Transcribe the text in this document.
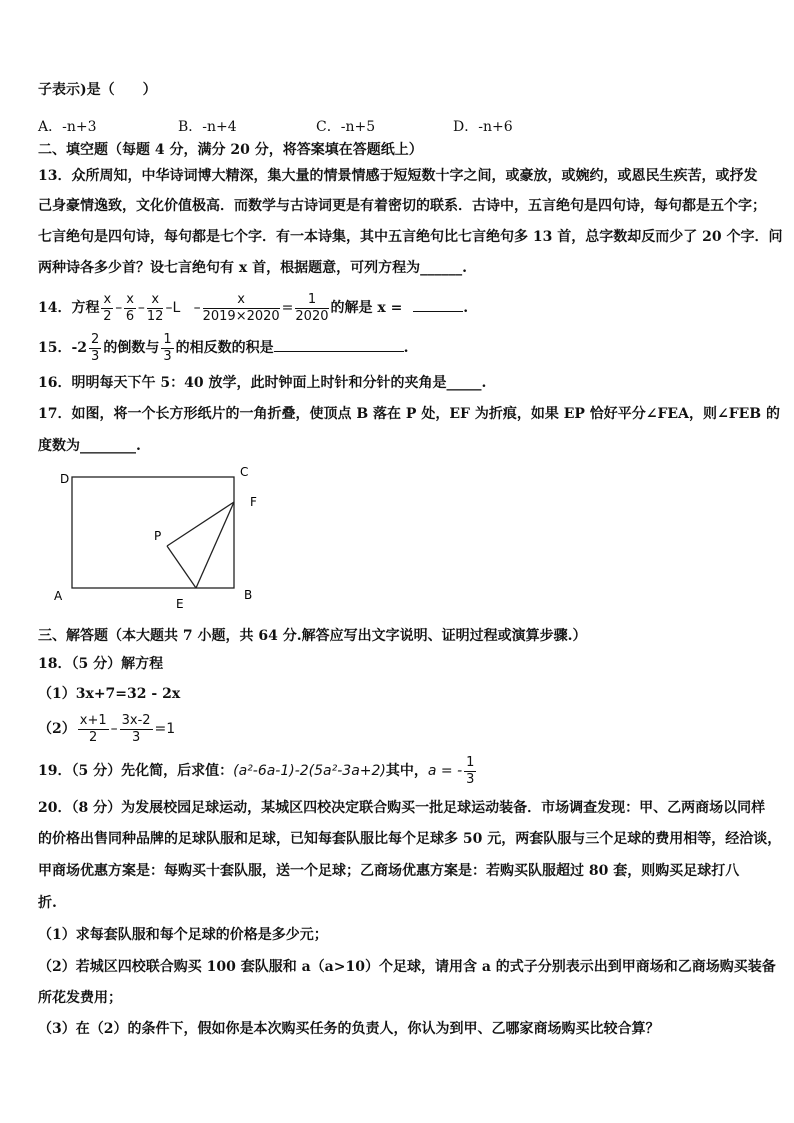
子表示)是（　　）
A．-n+3	B．-n+4	C．-n+5	D．-n+6
二、填空题（每题 4 分，满分 20 分，将答案填在答题纸上）
13．众所周知，中华诗词博大精深，集大量的情景情感于短短数十字之间，或豪放，或婉约，或恩民生疾苦，或抒发
己身豪情逸致，文化价值极高．而数学与古诗词更是有着密切的联系．古诗中，五言绝句是四句诗，每句都是五个字；
七言绝句是四句诗，每句都是七个字．有一本诗集，其中五言绝句比七言绝句多 13 首，总字数却反而少了 20 个字．问
两种诗各多少首？设七言绝句有 x 首，根据题意，可列方程为______.
14．方程 $\frac{x}{2} - \frac{x}{6} - \frac{x}{12} -L - \frac{x}{2019\times 2020} = \frac{1}{2020}$ 的解是 x =	.
15．$-2 \frac{2}{3}$ 的倒数与 $\frac{1}{3}$ 的相反数的积是	.
16．明明每天下午 5：40 放学，此时钟面上时针和分针的夹角是_____.
17．如图，将一个长方形纸片的一角折叠，使顶点 B 落在 P 处，EF 为折痕，如果 EP 恰好平分∠FEA，则∠FEB 的
度数为________.
D	C
F
P
A	B
E
三、解答题（本大题共 7 小题，共 64 分.解答应写出文字说明、证明过程或演算步骤.）
18．（5 分）解方程
（1）3x+7=32 - 2x
$(2) \frac{x+1}{2} - \frac{3x-2}{3} =1$
19．（5 分）先化简，后求值：(a²-6a-1)-2(5a²-3a+2)其中，a = - $\frac{1}{3}$
20．（8 分）为发展校园足球运动，某城区四校决定联合购买一批足球运动装备．市场调查发现：甲、乙两商场以同样
的价格出售同种品牌的足球队服和足球，已知每套队服比每个足球多 50 元，两套队服与三个足球的费用相等，经洽谈，
甲商场优惠方案是：每购买十套队服，送一个足球；乙商场优惠方案是：若购买队服超过 80 套，则购买足球打八
折.
（1）求每套队服和每个足球的价格是多少元；
（2）若城区四校联合购买 100 套队服和 a（a>10）个足球，请用含 a 的式子分别表示出到甲商场和乙商场购买装备
所花发费用；
（3）在（2）的条件下，假如你是本次购买任务的负责人，你认为到甲、乙哪家商场购买比较合算？
